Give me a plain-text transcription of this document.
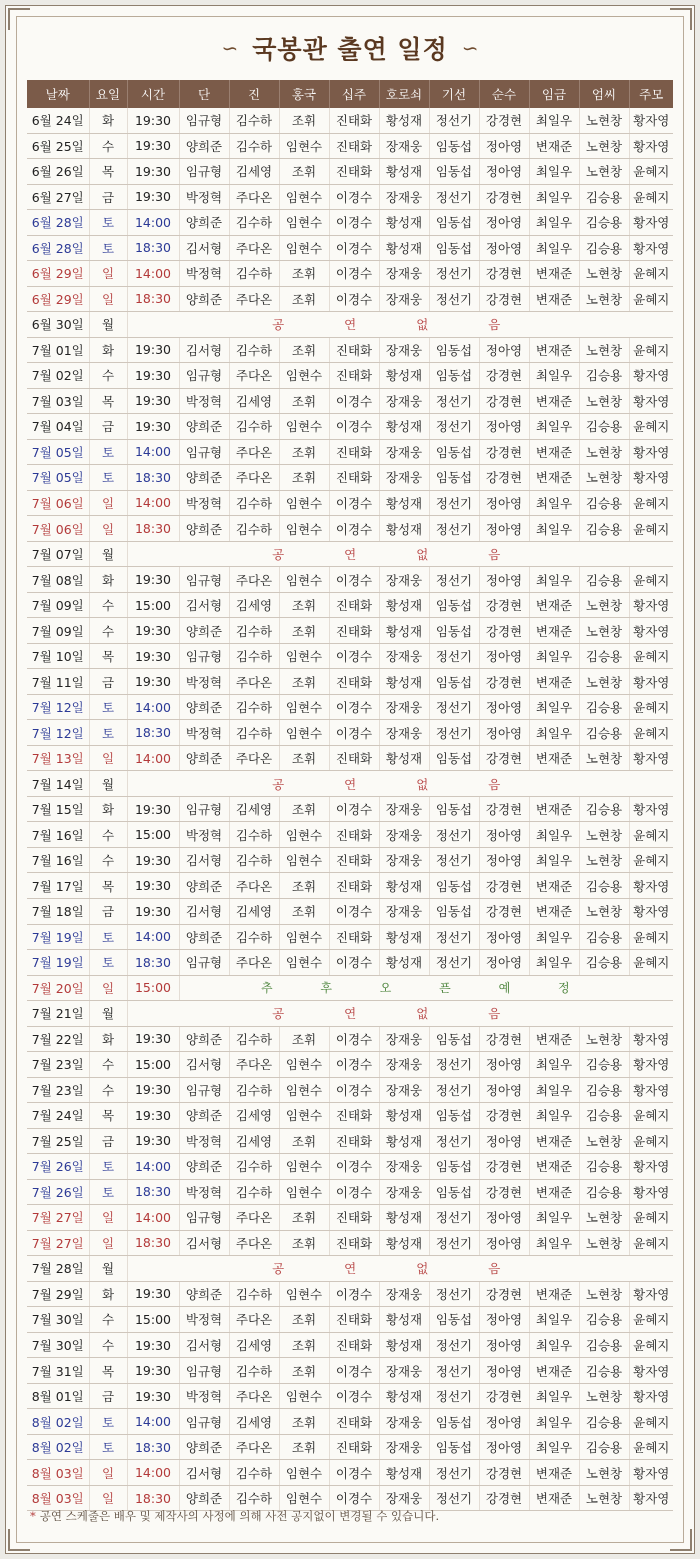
∽ 국봉관 출연 일정 ∽
날짜	요일	시간	단	진	홍국	십주	호로쇠	기선	순수	임금	엄씨	주모
6월 24일	화	19:30	임규형	김수하	조휘	진태화	황성재	정선기	강경현	최일우	노현창	황자영
6월 25일	수	19:30	양희준	김수하	임현수	진태화	장재웅	임동섭	정아영	변재준	노현창	황자영
6월 26일	목	19:30	임규형	김세영	조휘	진태화	황성재	임동섭	정아영	최일우	노현창	윤혜지
6월 27일	금	19:30	박정혁	주다온	임현수	이경수	장재웅	정선기	강경현	최일우	김승용	윤혜지
6월 28일	토	14:00	양희준	김수하	임현수	이경수	황성재	임동섭	정아영	최일우	김승용	황자영
6월 28일	토	18:30	김서형	주다온	임현수	이경수	황성재	임동섭	정아영	최일우	김승용	황자영
6월 29일	일	14:00	박정혁	김수하	조휘	이경수	장재웅	정선기	강경현	변재준	노현창	윤혜지
6월 29일	일	18:30	양희준	주다온	조휘	이경수	장재웅	정선기	강경현	변재준	노현창	윤혜지
6월 30일	월	공 연 없 음										
7월 01일	화	19:30	김서형	김수하	조휘	진태화	장재웅	임동섭	정아영	변재준	노현창	윤혜지
7월 02일	수	19:30	임규형	주다온	임현수	진태화	황성재	임동섭	강경현	최일우	김승용	황자영
7월 03일	목	19:30	박정혁	김세영	조휘	이경수	장재웅	정선기	강경현	변재준	노현창	황자영
7월 04일	금	19:30	양희준	김수하	임현수	이경수	황성재	정선기	정아영	최일우	김승용	윤혜지
7월 05일	토	14:00	임규형	주다온	조휘	진태화	장재웅	임동섭	강경현	변재준	노현창	황자영
7월 05일	토	18:30	양희준	주다온	조휘	진태화	장재웅	임동섭	강경현	변재준	노현창	황자영
7월 06일	일	14:00	박정혁	김수하	임현수	이경수	황성재	정선기	정아영	최일우	김승용	윤혜지
7월 06일	일	18:30	양희준	김수하	임현수	이경수	황성재	정선기	정아영	최일우	김승용	윤혜지
7월 07일	월	공 연 없 음										
7월 08일	화	19:30	임규형	주다온	임현수	이경수	장재웅	정선기	정아영	최일우	김승용	윤혜지
7월 09일	수	15:00	김서형	김세영	조휘	진태화	황성재	임동섭	강경현	변재준	노현창	황자영
7월 09일	수	19:30	양희준	김수하	조휘	진태화	황성재	임동섭	강경현	변재준	노현창	황자영
7월 10일	목	19:30	임규형	김수하	임현수	이경수	장재웅	정선기	정아영	최일우	김승용	윤혜지
7월 11일	금	19:30	박정혁	주다온	조휘	진태화	황성재	임동섭	강경현	변재준	노현창	황자영
7월 12일	토	14:00	양희준	김수하	임현수	이경수	장재웅	정선기	정아영	최일우	김승용	윤혜지
7월 12일	토	18:30	박정혁	김수하	임현수	이경수	장재웅	정선기	정아영	최일우	김승용	윤혜지
7월 13일	일	14:00	양희준	주다온	조휘	진태화	황성재	임동섭	강경현	변재준	노현창	황자영
7월 14일	월	공 연 없 음										
7월 15일	화	19:30	임규형	김세영	조휘	이경수	장재웅	임동섭	강경현	변재준	김승용	황자영
7월 16일	수	15:00	박정혁	김수하	임현수	진태화	장재웅	정선기	정아영	최일우	노현창	윤혜지
7월 16일	수	19:30	김서형	김수하	임현수	진태화	장재웅	정선기	정아영	최일우	노현창	윤혜지
7월 17일	목	19:30	양희준	주다온	조휘	진태화	황성재	임동섭	강경현	변재준	김승용	황자영
7월 18일	금	19:30	김서형	김세영	조휘	이경수	장재웅	임동섭	강경현	변재준	노현창	황자영
7월 19일	토	14:00	양희준	김수하	임현수	진태화	황성재	정선기	정아영	최일우	김승용	윤혜지
7월 19일	토	18:30	임규형	주다온	임현수	이경수	황성재	정선기	정아영	최일우	김승용	윤혜지
7월 20일	일	15:00	추 후 오 픈 예 정									
7월 21일	월	공 연 없 음										
7월 22일	화	19:30	양희준	김수하	조휘	이경수	장재웅	임동섭	강경현	변재준	노현창	황자영
7월 23일	수	15:00	김서형	주다온	임현수	이경수	장재웅	정선기	정아영	최일우	김승용	황자영
7월 23일	수	19:30	임규형	김수하	임현수	이경수	장재웅	정선기	정아영	최일우	김승용	황자영
7월 24일	목	19:30	양희준	김세영	임현수	진태화	황성재	임동섭	강경현	최일우	김승용	윤혜지
7월 25일	금	19:30	박정혁	김세영	조휘	진태화	황성재	정선기	정아영	변재준	노현창	윤혜지
7월 26일	토	14:00	양희준	김수하	임현수	이경수	장재웅	임동섭	강경현	변재준	김승용	황자영
7월 26일	토	18:30	박정혁	김수하	임현수	이경수	장재웅	임동섭	강경현	변재준	김승용	황자영
7월 27일	일	14:00	임규형	주다온	조휘	진태화	황성재	정선기	정아영	최일우	노현창	윤혜지
7월 27일	일	18:30	김서형	주다온	조휘	진태화	황성재	정선기	정아영	최일우	노현창	윤혜지
7월 28일	월	공 연 없 음										
7월 29일	화	19:30	양희준	김수하	임현수	이경수	장재웅	정선기	강경현	변재준	노현창	황자영
7월 30일	수	15:00	박정혁	주다온	조휘	진태화	황성재	임동섭	정아영	최일우	김승용	윤혜지
7월 30일	수	19:30	김서형	김세영	조휘	진태화	황성재	정선기	정아영	최일우	김승용	윤혜지
7월 31일	목	19:30	임규형	김수하	조휘	이경수	장재웅	정선기	정아영	변재준	김승용	황자영
8월 01일	금	19:30	박정혁	주다온	임현수	이경수	황성재	정선기	강경현	최일우	노현창	황자영
8월 02일	토	14:00	임규형	김세영	조휘	진태화	장재웅	임동섭	정아영	최일우	김승용	윤혜지
8월 02일	토	18:30	양희준	주다온	조휘	진태화	장재웅	임동섭	정아영	최일우	김승용	윤혜지
8월 03일	일	14:00	김서형	김수하	임현수	이경수	황성재	정선기	강경현	변재준	노현창	황자영
8월 03일	일	18:30	양희준	김수하	임현수	이경수	장재웅	정선기	강경현	변재준	노현창	황자영
* 공연 스케줄은 배우 및 제작사의 사정에 의해 사전 공지없이 변경될 수 있습니다.
